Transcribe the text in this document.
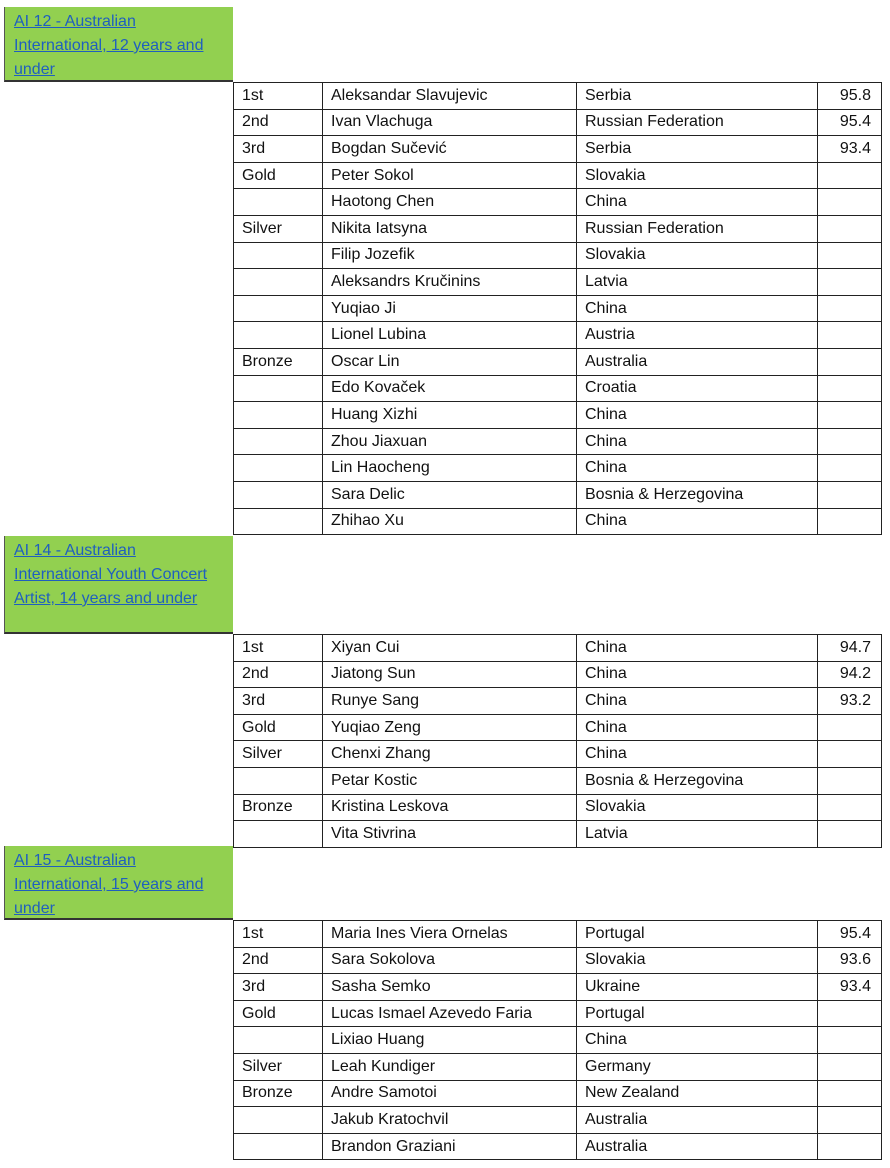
AI 12 - Australian International, 12 years and under
1st	Aleksandar Slavujevic	Serbia	95.8
2nd	Ivan Vlachuga	Russian Federation	95.4
3rd	Bogdan Sučević	Serbia	93.4
Gold	Peter Sokol	Slovakia	
	Haotong Chen	China	
Silver	Nikita Iatsyna	Russian Federation	
	Filip Jozefik	Slovakia	
	Aleksandrs Kručinins	Latvia	
	Yuqiao Ji	China	
	Lionel Lubina	Austria	
Bronze	Oscar Lin	Australia	
	Edo Kovaček	Croatia	
	Huang Xizhi	China	
	Zhou Jiaxuan	China	
	Lin Haocheng	China	
	Sara Delic	Bosnia & Herzegovina	
	Zhihao Xu	China	
AI 14 - Australian International Youth Concert Artist, 14 years and under
1st	Xiyan Cui	China	94.7
2nd	Jiatong Sun	China	94.2
3rd	Runye Sang	China	93.2
Gold	Yuqiao Zeng	China	
Silver	Chenxi Zhang	China	
	Petar Kostic	Bosnia & Herzegovina	
Bronze	Kristina Leskova	Slovakia	
	Vita Stivrina	Latvia	
AI 15 - Australian International, 15 years and under
1st	Maria Ines Viera Ornelas	Portugal	95.4
2nd	Sara Sokolova	Slovakia	93.6
3rd	Sasha Semko	Ukraine	93.4
Gold	Lucas Ismael Azevedo Faria	Portugal	
	Lixiao Huang	China	
Silver	Leah Kundiger	Germany	
Bronze	Andre Samotoi	New Zealand	
	Jakub Kratochvil	Australia	
	Brandon Graziani	Australia	
